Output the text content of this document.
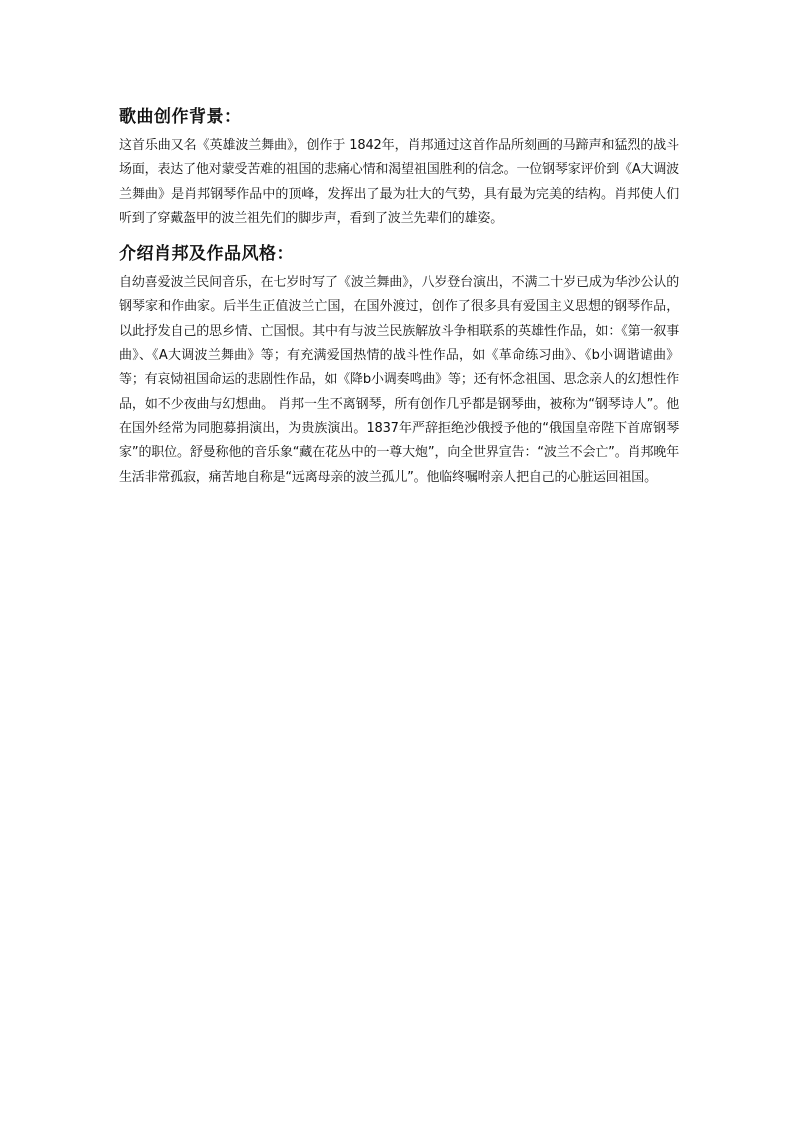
歌曲创作背景：

这首乐曲又名《英雄波兰舞曲》，创作于 1842年，肖邦通过这首作品所刻画的马蹄声和猛烈的战斗场面，表达了他对蒙受苦难的祖国的悲痛心情和渴望祖国胜利的信念。一位钢琴家评价到《A大调波兰舞曲》是肖邦钢琴作品中的顶峰，发挥出了最为壮大的气势，具有最为完美的结构。肖邦使人们听到了穿戴盔甲的波兰祖先们的脚步声，看到了波兰先辈们的雄姿。

介绍肖邦及作品风格：

自幼喜爱波兰民间音乐，在七岁时写了《波兰舞曲》，八岁登台演出，不满二十岁已成为华沙公认的钢琴家和作曲家。后半生正值波兰亡国，在国外渡过，创作了很多具有爱国主义思想的钢琴作品，以此抒发自己的思乡情、亡国恨。其中有与波兰民族解放斗争相联系的英雄性作品，如：《第一叙事曲》、《A大调波兰舞曲》等；有充满爱国热情的战斗性作品，如《革命练习曲》、《b小调谐谑曲》等；有哀恸祖国命运的悲剧性作品，如《降b小调奏鸣曲》等；还有怀念祖国、思念亲人的幻想性作品，如不少夜曲与幻想曲。 肖邦一生不离钢琴，所有创作几乎都是钢琴曲，被称为“钢琴诗人”。他在国外经常为同胞募捐演出，为贵族演出。1837年严辞拒绝沙俄授予他的“俄国皇帝陛下首席钢琴家”的职位。舒曼称他的音乐象“藏在花丛中的一尊大炮”，向全世界宣告：“波兰不会亡”。肖邦晚年生活非常孤寂，痛苦地自称是“远离母亲的波兰孤儿”。他临终嘱咐亲人把自己的心脏运回祖国。
